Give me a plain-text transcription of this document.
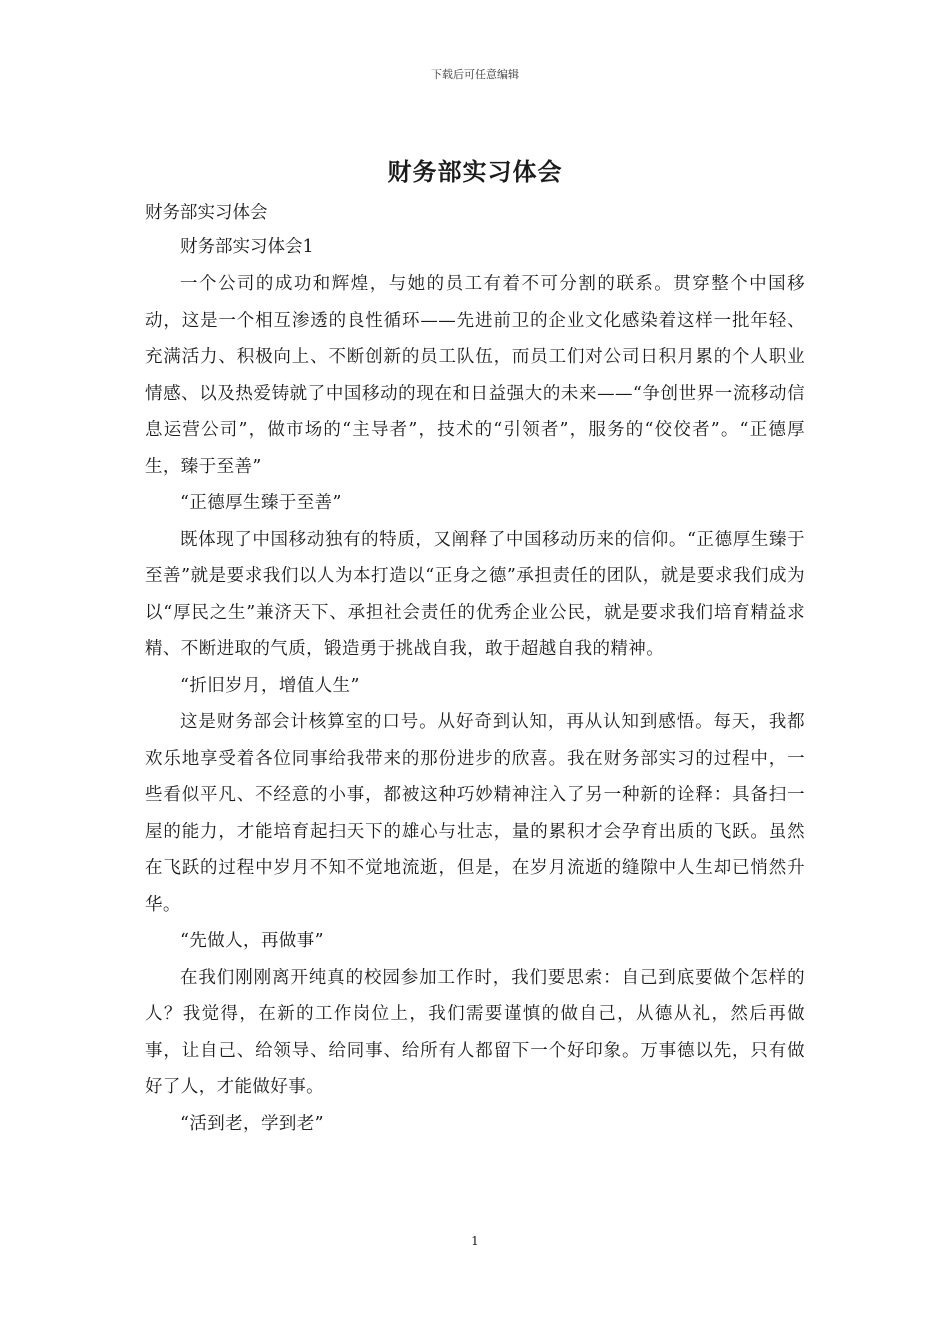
下载后可任意编辑
财务部实习体会

财务部实习体会

财务部实习体会1

一个公司的成功和辉煌，与她的员工有着不可分割的联系。贯穿整个中国移动，这是一个相互渗透的良性循环——先进前卫的企业文化感染着这样一批年轻、充满活力、积极向上、不断创新的员工队伍，而员工们对公司日积月累的个人职业情感、以及热爱铸就了中国移动的现在和日益强大的未来——“争创世界一流移动信息运营公司”，做市场的“主导者”，技术的“引领者”，服务的“佼佼者”。“正德厚生，臻于至善”

“正德厚生臻于至善”

既体现了中国移动独有的特质，又阐释了中国移动历来的信仰。“正德厚生臻于至善”就是要求我们以人为本打造以“正身之德”承担责任的团队，就是要求我们成为以“厚民之生”兼济天下、承担社会责任的优秀企业公民，就是要求我们培育精益求精、不断进取的气质，锻造勇于挑战自我，敢于超越自我的精神。

“折旧岁月，增值人生”

这是财务部会计核算室的口号。从好奇到认知，再从认知到感悟。每天，我都欢乐地享受着各位同事给我带来的那份进步的欣喜。我在财务部实习的过程中，一些看似平凡、不经意的小事，都被这种巧妙精神注入了另一种新的诠释：具备扫一屋的能力，才能培育起扫天下的雄心与壮志，量的累积才会孕育出质的飞跃。虽然在飞跃的过程中岁月不知不觉地流逝，但是，在岁月流逝的缝隙中人生却已悄然升华。

“先做人，再做事”

在我们刚刚离开纯真的校园参加工作时，我们要思索：自己到底要做个怎样的人？我觉得，在新的工作岗位上，我们需要谨慎的做自己，从德从礼，然后再做事，让自己、给领导、给同事、给所有人都留下一个好印象。万事德以先，只有做好了人，才能做好事。

“活到老，学到老”

1
